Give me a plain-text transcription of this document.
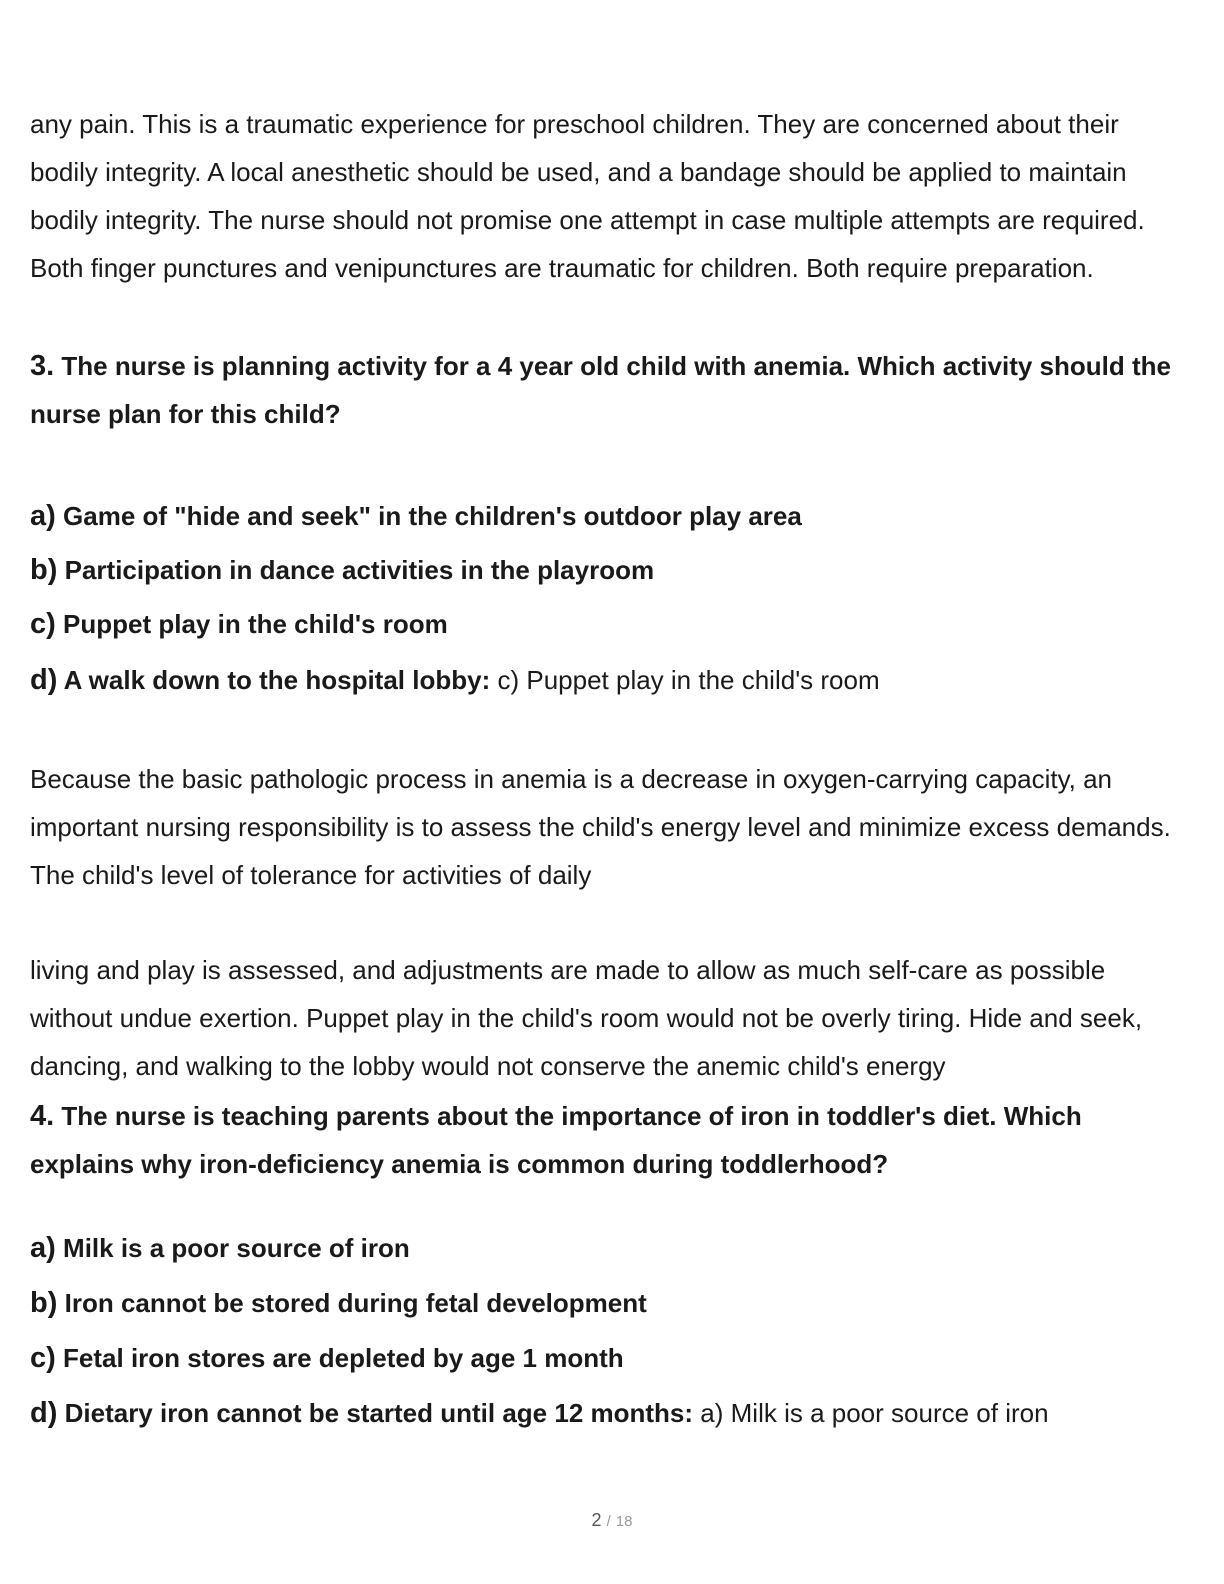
any pain. This is a traumatic experience for preschool children. They are concerned about their bodily integrity. A local anesthetic should be used, and a bandage should be applied to maintain bodily integrity. The nurse should not promise one attempt in case multiple attempts are required. Both finger punctures and venipunctures are traumatic for children. Both require preparation.

3. The nurse is planning activity for a 4 year old child with anemia. Which activity should the nurse plan for this child?

a) Game of "hide and seek" in the children's outdoor play area
b) Participation in dance activities in the playroom
c) Puppet play in the child's room
d) A walk down to the hospital lobby: c) Puppet play in the child's room

Because the basic pathologic process in anemia is a decrease in oxygen-carrying capacity, an important nursing responsibility is to assess the child's energy level and minimize excess demands. The child's level of tolerance for activities of daily

living and play is assessed, and adjustments are made to allow as much self-care as possible without undue exertion. Puppet play in the child's room would not be overly tiring. Hide and seek, dancing, and walking to the lobby would not conserve the anemic child's energy

4. The nurse is teaching parents about the importance of iron in toddler's diet. Which explains why iron-deficiency anemia is common during toddlerhood?

a) Milk is a poor source of iron
b) Iron cannot be stored during fetal development
c) Fetal iron stores are depleted by age 1 month
d) Dietary iron cannot be started until age 12 months: a) Milk is a poor source of iron
2 / 18
